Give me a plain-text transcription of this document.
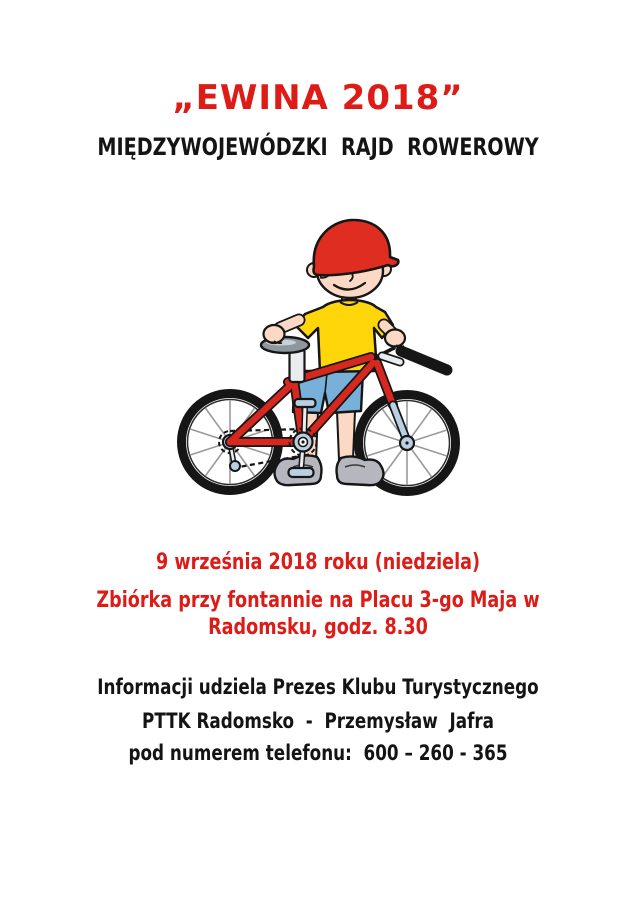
„EWINA 2018”
MIĘDZYWOJEWÓDZKI  RAJD  ROWEROWY
9 września 2018 roku (niedziela)
Zbiórka przy fontannie na Placu 3-go Maja w
Radomsku, godz. 8.30
Informacji udziela Prezes Klubu Turystycznego
PTTK Radomsko  -  Przemysław  Jafra
pod numerem telefonu:  600 – 260 - 365
